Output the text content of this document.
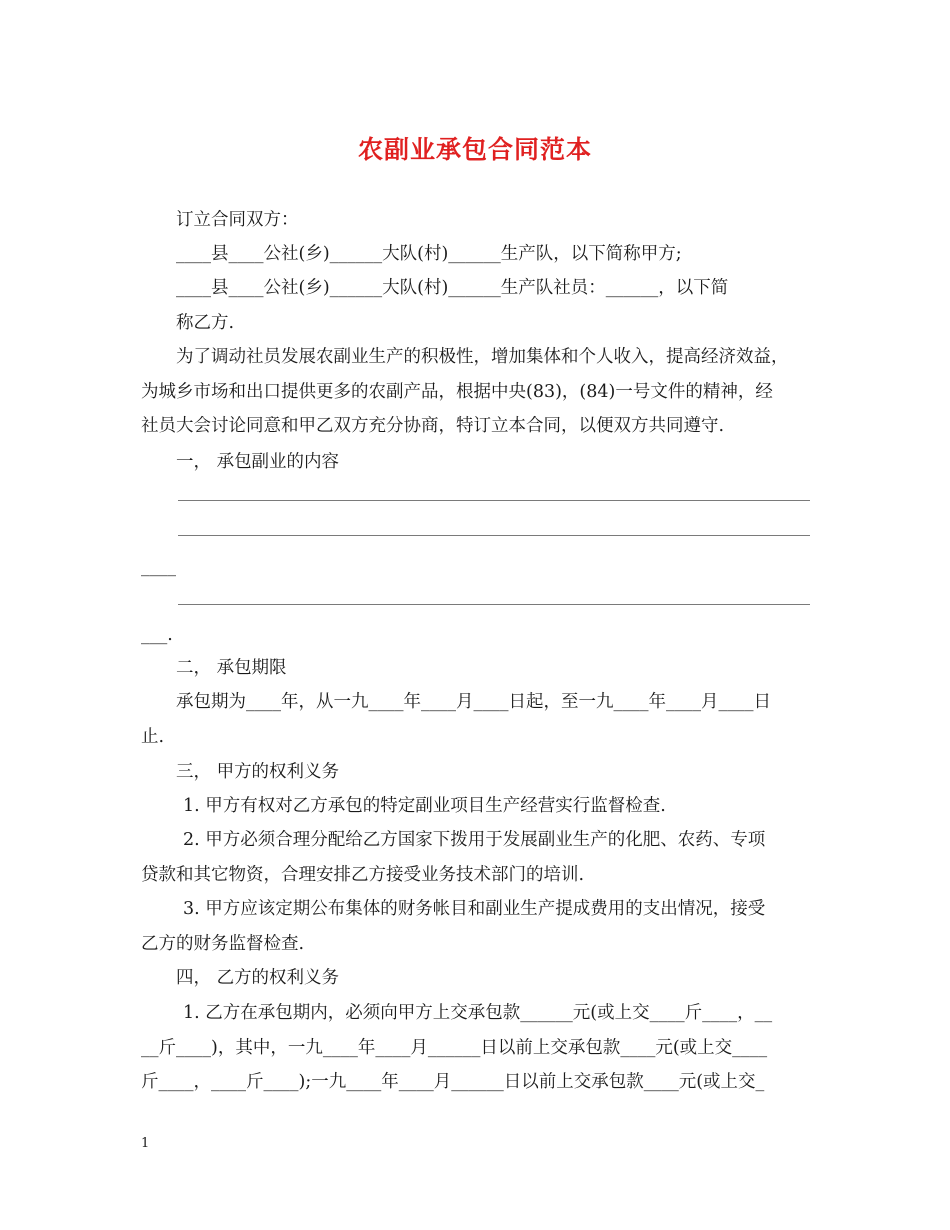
农副业承包合同范本
订立合同双方：
____县____公社(乡)______大队(村)______生产队，以下简称甲方;
____县____公社(乡)______大队(村)______生产队社员：______，以下简
称乙方.
为了调动社员发展农副业生产的积极性，增加集体和个人收入，提高经济效益，
为城乡市场和出口提供更多的农副产品，根据中央(83)，(84)一号文件的精神，经
社员大会讨论同意和甲乙双方充分协商，特订立本合同，以便双方共同遵守.
一， 承包副业的内容
____
___.
二， 承包期限
承包期为____年，从一九____年____月____日起，至一九____年____月____日
止.
三， 甲方的权利义务
1. 甲方有权对乙方承包的特定副业项目生产经营实行监督检查.
2. 甲方必须合理分配给乙方国家下拨用于发展副业生产的化肥、农药、专项
贷款和其它物资，合理安排乙方接受业务技术部门的培训.
3. 甲方应该定期公布集体的财务帐目和副业生产提成费用的支出情况，接受
乙方的财务监督检查.
四， 乙方的权利义务
1. 乙方在承包期内，必须向甲方上交承包款______元(或上交____斤____，__
__斤____)，其中，一九____年____月______日以前上交承包款____元(或上交____
斤____，____斤____);一九____年____月______日以前上交承包款____元(或上交_
1
